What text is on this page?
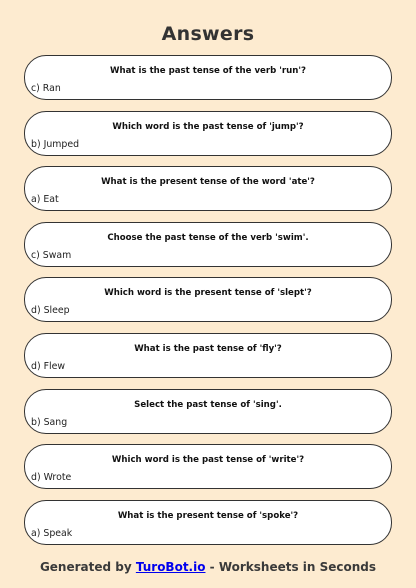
Answers
What is the past tense of the verb 'run'?
c) Ran
Which word is the past tense of 'jump'?
b) Jumped
What is the present tense of the word 'ate'?
a) Eat
Choose the past tense of the verb 'swim'.
c) Swam
Which word is the present tense of 'slept'?
d) Sleep
What is the past tense of 'fly'?
d) Flew
Select the past tense of 'sing'.
b) Sang
Which word is the past tense of 'write'?
d) Wrote
What is the present tense of 'spoke'?
a) Speak
Generated by TuroBot.io - Worksheets in Seconds
